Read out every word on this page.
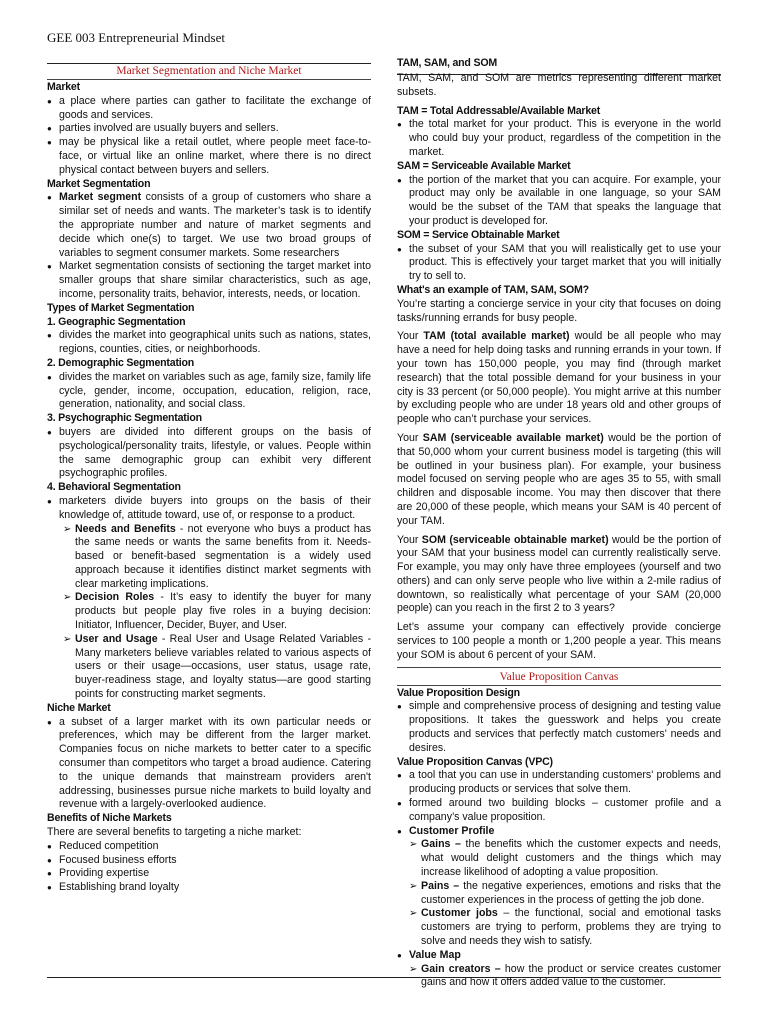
GEE 003 Entrepreneurial Mindset
Market Segmentation and Niche Market
Market
● a place where parties can gather to facilitate the exchange of goods and services.
● parties involved are usually buyers and sellers.
● may be physical like a retail outlet, where people meet face-to-face, or virtual like an online market, where there is no direct physical contact between buyers and sellers.
Market Segmentation
● Market segment consists of a group of customers who share a similar set of needs and wants. The marketer’s task is to identify the appropriate number and nature of market segments and decide which one(s) to target. We use two broad groups of variables to segment consumer markets. Some researchers
● Market segmentation consists of sectioning the target market into smaller groups that share similar characteristics, such as age, income, personality traits, behavior, interests, needs, or location.
Types of Market Segmentation
1. Geographic Segmentation
● divides the market into geographical units such as nations, states, regions, counties, cities, or neighborhoods.
2. Demographic Segmentation
● divides the market on variables such as age, family size, family life cycle, gender, income, occupation, education, religion, race, generation, nationality, and social class.
3. Psychographic Segmentation
● buyers are divided into different groups on the basis of psychological/personality traits, lifestyle, or values. People within the same demographic group can exhibit very different psychographic profiles.
4. Behavioral Segmentation
● marketers divide buyers into groups on the basis of their knowledge of, attitude toward, use of, or response to a product.
➢ Needs and Benefits - not everyone who buys a product has the same needs or wants the same benefits from it. Needs-based or benefit-based segmentation is a widely used approach because it identifies distinct market segments with clear marketing implications.
➢ Decision Roles - It’s easy to identify the buyer for many products but people play five roles in a buying decision: Initiator, Influencer, Decider, Buyer, and User.
➢ User and Usage - Real User and Usage Related Variables - Many marketers believe variables related to various aspects of users or their usage—occasions, user status, usage rate, buyer-readiness stage, and loyalty status—are good starting points for constructing market segments.
Niche Market
● a subset of a larger market with its own particular needs or preferences, which may be different from the larger market. Companies focus on niche markets to better cater to a specific consumer than competitors who target a broad audience. Catering to the unique demands that mainstream providers aren't addressing, businesses pursue niche markets to build loyalty and revenue with a largely-overlooked audience.
Benefits of Niche Markets
There are several benefits to targeting a niche market:
● Reduced competition
● Focused business efforts
● Providing expertise
● Establishing brand loyalty
TAM, SAM, and SOM

TAM, SAM, and SOM are metrics representing different market subsets.

TAM = Total Addressable/Available Market
● the total market for your product. This is everyone in the world who could buy your product, regardless of the competition in the market.
SAM = Serviceable Available Market
● the portion of the market that you can acquire. For example, your product may only be available in one language, so your SAM would be the subset of the TAM that speaks the language that your product is developed for.
SOM = Service Obtainable Market
● the subset of your SAM that you will realistically get to use your product. This is effectively your target market that you will initially try to sell to.
What's an example of TAM, SAM, SOM?

You’re starting a concierge service in your city that focuses on doing tasks/running errands for busy people.

Your TAM (total available market) would be all people who may have a need for help doing tasks and running errands in your town. If your town has 150,000 people, you may find (through market research) that the total possible demand for your business in your city is 33 percent (or 50,000 people). You might arrive at this number by excluding people who are under 18 years old and other groups of people who can’t purchase your services.

Your SAM (serviceable available market) would be the portion of that 50,000 whom your current business model is targeting (this will be outlined in your business plan). For example, your business model focused on serving people who are ages 35 to 55, with small children and disposable income. You may then discover that there are 20,000 of these people, which means your SAM is 40 percent of your TAM.

Your SOM (serviceable obtainable market) would be the portion of your SAM that your business model can currently realistically serve. For example, you may only have three employees (yourself and two others) and can only serve people who live within a 2-mile radius of downtown, so realistically what percentage of your SAM (20,000 people) can you reach in the first 2 to 3 years?

Let’s assume your company can effectively provide concierge services to 100 people a month or 1,200 people a year. This means your SOM is about 6 percent of your SAM.

Value Proposition Canvas
Value Proposition Design
● simple and comprehensive process of designing and testing value propositions. It takes the guesswork and helps you create products and services that perfectly match customers' needs and desires.
Value Proposition Canvas (VPC)
● a tool that you can use in understanding customers' problems and producing products or services that solve them.
● formed around two building blocks – customer profile and a company’s value proposition.
● Customer Profile
➢ Gains – the benefits which the customer expects and needs, what would delight customers and the things which may increase likelihood of adopting a value proposition.
➢ Pains – the negative experiences, emotions and risks that the customer experiences in the process of getting the job done.
➢ Customer jobs – the functional, social and emotional tasks customers are trying to perform, problems they are trying to solve and needs they wish to satisfy.
● Value Map
➢ Gain creators – how the product or service creates customer gains and how it offers added value to the customer.
